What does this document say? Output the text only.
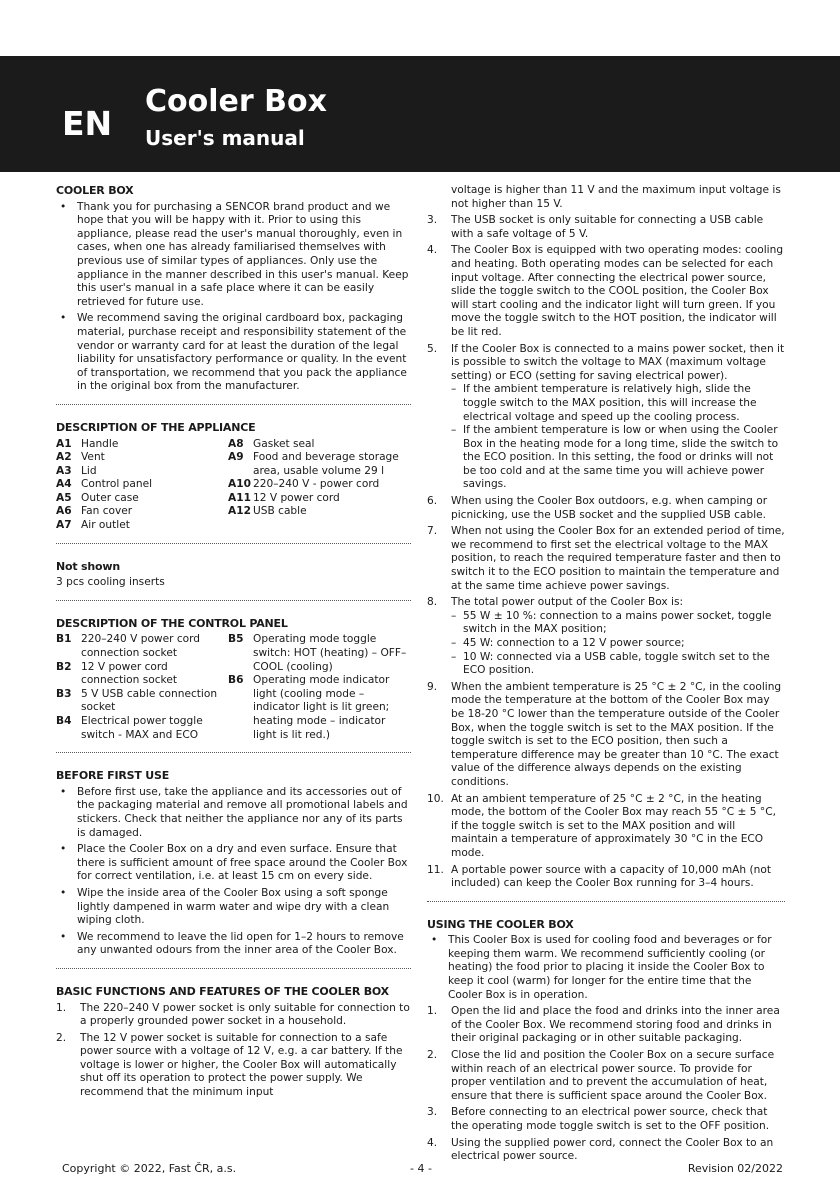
EN
Cooler Box
User's manual
COOLER BOX
• Thank you for purchasing a SENCOR brand product and we hope that you will be happy with it. Prior to using this appliance, please read the user's manual thoroughly, even in cases, when one has already familiarised themselves with previous use of similar types of appliances. Only use the appliance in the manner described in this user's manual. Keep this user's manual in a safe place where it can be easily retrieved for future use.
• We recommend saving the original cardboard box, packaging material, purchase receipt and responsibility statement of the vendor or warranty card for at least the duration of the legal liability for unsatisfactory performance or quality. In the event of transportation, we recommend that you pack the appliance in the original box from the manufacturer.
DESCRIPTION OF THE APPLIANCE
A1 Handle
A2 Vent
A3 Lid
A4 Control panel
A5 Outer case
A6 Fan cover
A7 Air outlet
A8 Gasket seal
A9 Food and beverage storage area, usable volume 29 l
A10 220–240 V - power cord
A11 12 V power cord
A12 USB cable
Not shown
3 pcs cooling inserts
DESCRIPTION OF THE CONTROL PANEL
B1 220–240 V power cord connection socket
B2 12 V power cord connection socket
B3 5 V USB cable connection socket
B4 Electrical power toggle switch - MAX and ECO
B5 Operating mode toggle switch: HOT (heating) – OFF– COOL (cooling)
B6 Operating mode indicator light (cooling mode – indicator light is lit green; heating mode – indicator light is lit red.)
BEFORE FIRST USE
• Before first use, take the appliance and its accessories out of the packaging material and remove all promotional labels and stickers. Check that neither the appliance nor any of its parts is damaged.
• Place the Cooler Box on a dry and even surface. Ensure that there is sufficient amount of free space around the Cooler Box for correct ventilation, i.e. at least 15 cm on every side.
• Wipe the inside area of the Cooler Box using a soft sponge lightly dampened in warm water and wipe dry with a clean wiping cloth.
• We recommend to leave the lid open for 1–2 hours to remove any unwanted odours from the inner area of the Cooler Box.
BASIC FUNCTIONS AND FEATURES OF THE COOLER BOX
1. The 220–240 V power socket is only suitable for connection to a properly grounded power socket in a household.
2. The 12 V power socket is suitable for connection to a safe power source with a voltage of 12 V, e.g. a car battery. If the voltage is lower or higher, the Cooler Box will automatically shut off its operation to protect the power supply. We recommend that the minimum input
voltage is higher than 11 V and the maximum input voltage is not higher than 15 V.
3. The USB socket is only suitable for connecting a USB cable with a safe voltage of 5 V.
4. The Cooler Box is equipped with two operating modes: cooling and heating. Both operating modes can be selected for each input voltage. After connecting the electrical power source, slide the toggle switch to the COOL position, the Cooler Box will start cooling and the indicator light will turn green. If you move the toggle switch to the HOT position, the indicator will be lit red.
5. If the Cooler Box is connected to a mains power socket, then it is possible to switch the voltage to MAX (maximum voltage setting) or ECO (setting for saving electrical power).
– If the ambient temperature is relatively high, slide the toggle switch to the MAX position, this will increase the electrical voltage and speed up the cooling process.
– If the ambient temperature is low or when using the Cooler Box in the heating mode for a long time, slide the switch to the ECO position. In this setting, the food or drinks will not be too cold and at the same time you will achieve power savings.
6. When using the Cooler Box outdoors, e.g. when camping or picnicking, use the USB socket and the supplied USB cable.
7. When not using the Cooler Box for an extended period of time, we recommend to first set the electrical voltage to the MAX position, to reach the required temperature faster and then to switch it to the ECO position to maintain the temperature and at the same time achieve power savings.
8. The total power output of the Cooler Box is:
– 55 W ± 10 %: connection to a mains power socket, toggle switch in the MAX position;
– 45 W: connection to a 12 V power source;
– 10 W: connected via a USB cable, toggle switch set to the ECO position.
9. When the ambient temperature is 25 °C ± 2 °C, in the cooling mode the temperature at the bottom of the Cooler Box may be 18-20 °C lower than the temperature outside of the Cooler Box, when the toggle switch is set to the MAX position. If the toggle switch is set to the ECO position, then such a temperature difference may be greater than 10 °C. The exact value of the difference always depends on the existing conditions.
10. At an ambient temperature of 25 °C ± 2 °C, in the heating mode, the bottom of the Cooler Box may reach 55 °C ± 5 °C, if the toggle switch is set to the MAX position and will maintain a temperature of approximately 30 °C in the ECO mode.
11. A portable power source with a capacity of 10,000 mAh (not included) can keep the Cooler Box running for 3–4 hours.
USING THE COOLER BOX
• This Cooler Box is used for cooling food and beverages or for keeping them warm. We recommend sufficiently cooling (or heating) the food prior to placing it inside the Cooler Box to keep it cool (warm) for longer for the entire time that the Cooler Box is in operation.
1. Open the lid and place the food and drinks into the inner area of the Cooler Box. We recommend storing food and drinks in their original packaging or in other suitable packaging.
2. Close the lid and position the Cooler Box on a secure surface within reach of an electrical power source. To provide for proper ventilation and to prevent the accumulation of heat, ensure that there is sufficient space around the Cooler Box.
3. Before connecting to an electrical power source, check that the operating mode toggle switch is set to the OFF position.
4. Using the supplied power cord, connect the Cooler Box to an electrical power source.
Copyright © 2022, Fast ČR, a.s.	- 4 -	Revision 02/2022
